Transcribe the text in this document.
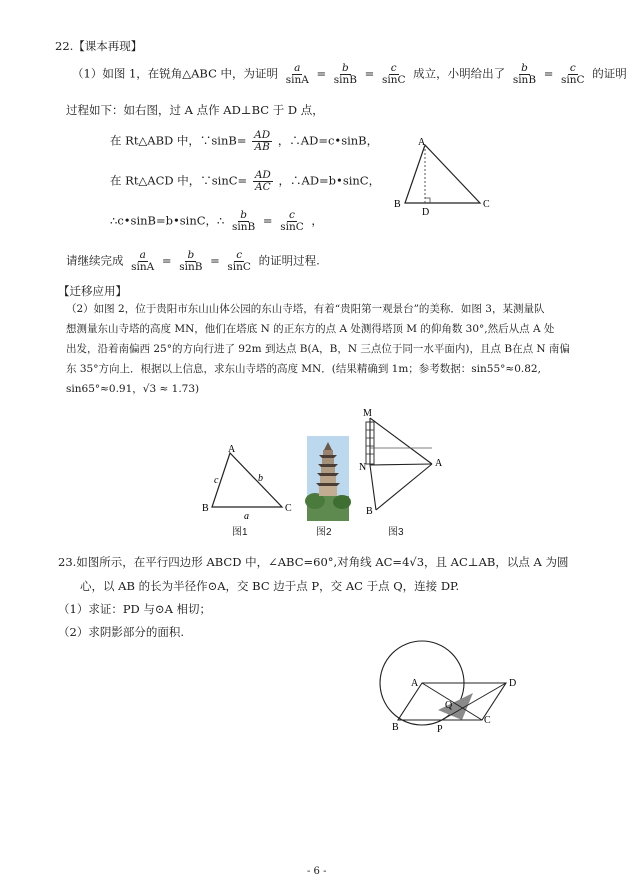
22.【课本再现】
（1）如图 1，在锐角△ABC 中，为证明 $\frac{a}{\sin A} = \frac{b}{\sin B} = \frac{c}{\sin C}$ 成立，小明给出了 $\frac{b}{\sin B} = \frac{c}{\sin C}$ 的证明
过程如下：如右图，过 A 点作 AD⊥BC 于 D 点，
在 Rt△ABD 中，∵sinB= $\frac{AD}{AB}$ ，∴AD=c•sinB，
在 Rt△ACD 中，∵sinC= $\frac{AD}{AC}$ ，∴AD=b•sinC，
∴c•sinB=b•sinC，∴ $\frac{b}{\sin B} = \frac{c}{\sin C}$ ，
A
B	C
D
请继续完成 $\frac{a}{\sin A} = \frac{b}{\sin B} = \frac{c}{\sin C}$ 的证明过程.
【迁移应用】
（2）如图 2，位于贵阳市东山山体公园的东山寺塔，有着“贵阳第一观景台”的美称．如图 3，某测量队
想测量东山寺塔的高度 MN，他们在塔底 N 的正东方的点 A 处测得塔顶 M 的仰角数 30°,然后从点 A 处
出发，沿着南偏西 25°的方向行进了 92m 到达点 B(A，B，N 三点位于同一水平面内)，且点 B在点 N 南偏
东 35°方向上．根据以上信息，求东山寺塔的高度 MN．(结果精确到 1m；参考数据：sin55°≈0.82,
sin65°≈0.91，√3 ≈ 1.73)
A
B	C
a
b
c
图1	图2
M
N	A
B
图3
23.如图所示，在平行四边形 ABCD 中，∠ABC=60°,对角线 AC=4√3，且 AC⊥AB，以点 A 为圆
心，以 AB 的长为半径作⊙A，交 BC 边于点 P，交 AC 于点 Q，连接 DP.
（1）求证：PD 与⊙A 相切；
（2）求阴影部分的面积.
A	D
B
C
P
Q
- 6 -
